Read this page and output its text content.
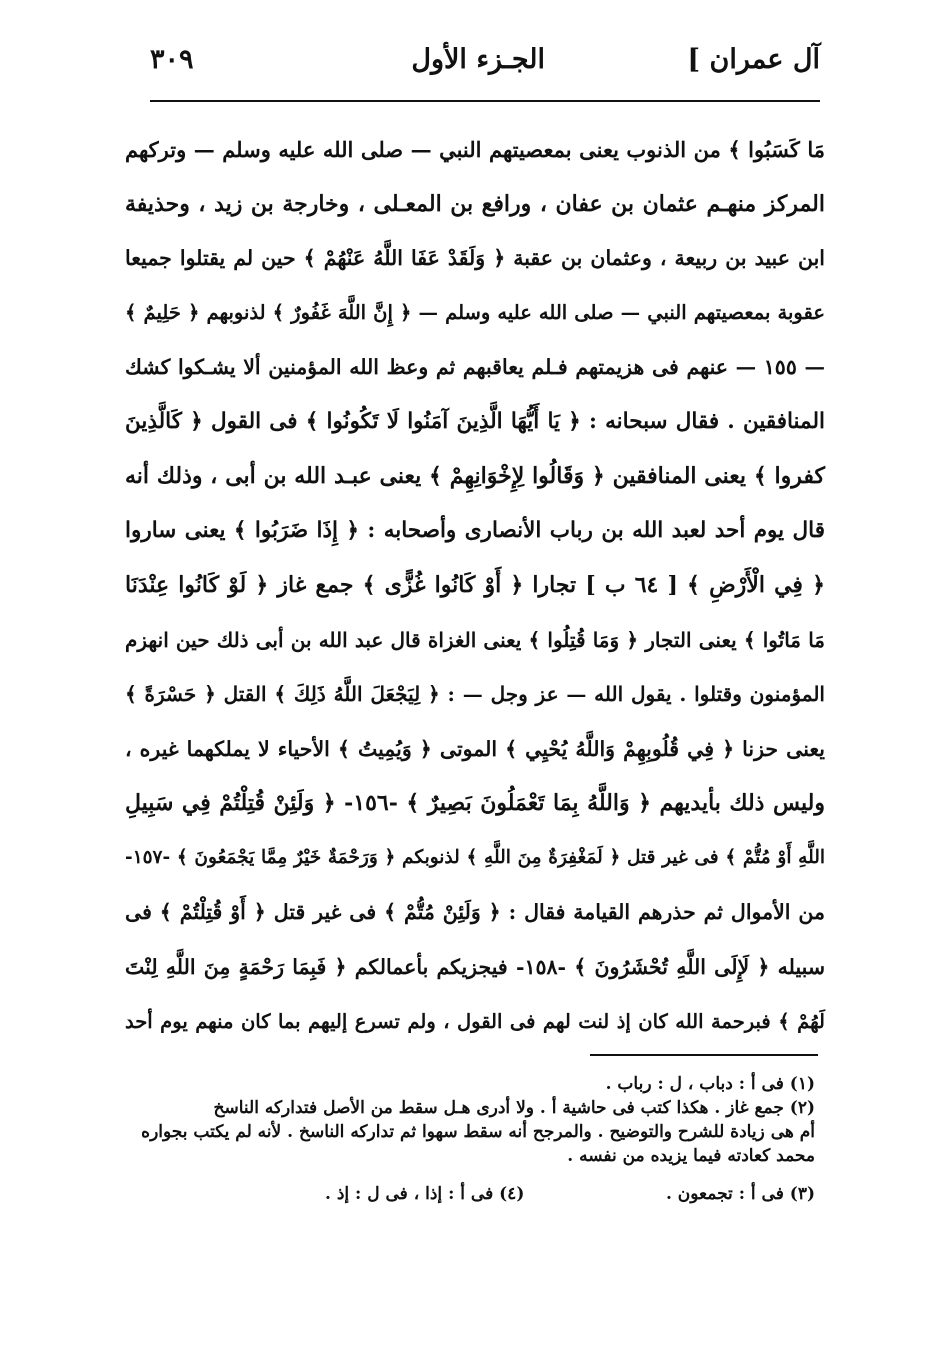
آل عمران ]
الجـزء الأول
٣٠٩
مَا كَسَبُوا ﴾ من الذنوب يعنى بمعصيتهم النبي — صلى الله عليه وسلم — وتركهم
المركز منهـم عثمان بن عفان ، ورافع بن المعـلى ، وخارجة بن زيد ، وحذيفة
ابن عبيد بن ربيعة ، وعثمان بن عقبة ﴿ وَلَقَدْ عَفَا اللَّهُ عَنْهُمْ ﴾ حين لم يقتلوا جميعا
عقوبة بمعصيتهم النبي — صلى الله عليه وسلم — ﴿ إِنَّ اللَّهَ غَفُورٌ ﴾ لذنوبهم ﴿ حَلِيمٌ ﴾
— ١٥٥ — عنهم فى هزيمتهم فـلم يعاقبهم ثم وعظ الله المؤمنين ألا يشـكوا كشك
المنافقين . فقال سبحانه : ﴿ يَا أَيُّهَا الَّذِينَ آمَنُوا لَا تَكُونُوا ﴾ فى القول ﴿ كَالَّذِينَ
كفروا ﴾ يعنى المنافقين ﴿ وَقَالُوا لِإِخْوَانِهِمْ ﴾ يعنى عبـد الله بن أبى ، وذلك أنه
قال يوم أحد لعبد الله بن رباب الأنصارى وأصحابه : ﴿ إِذَا ضَرَبُوا ﴾ يعنى ساروا
﴿ فِي الْأَرْضِ ﴾ [ ٦٤ ب ] تجارا ﴿ أَوْ كَانُوا غُزًّى ﴾ جمع غاز ﴿ لَوْ كَانُوا عِنْدَنَا
مَا مَاتُوا ﴾ يعنى التجار ﴿ وَمَا قُتِلُوا ﴾ يعنى الغزاة قال عبد الله بن أبى ذلك حين انهزم
المؤمنون وقتلوا . يقول الله — عز وجل — : ﴿ لِيَجْعَلَ اللَّهُ ذَلِكَ ﴾ القتل ﴿ حَسْرَةً ﴾
يعنى حزنا ﴿ فِي قُلُوبِهِمْ وَاللَّهُ يُحْيِي ﴾ الموتى ﴿ وَيُمِيتُ ﴾ الأحياء لا يملكهما غيره ،
وليس ذلك بأيديهم ﴿ وَاللَّهُ بِمَا تَعْمَلُونَ بَصِيرٌ ﴾ -١٥٦- ﴿ وَلَئِنْ قُتِلْتُمْ فِي سَبِيلِ
اللَّهِ أَوْ مُتُّمْ ﴾ فى غير قتل ﴿ لَمَغْفِرَةٌ مِنَ اللَّهِ ﴾ لذنوبكم ﴿ وَرَحْمَةٌ خَيْرٌ مِمَّا يَجْمَعُونَ ﴾ -١٥٧-
من الأموال ثم حذرهم القيامة فقال : ﴿ وَلَئِنْ مُتُّمْ ﴾ فى غير قتل ﴿ أَوْ قُتِلْتُمْ ﴾ فى
سبيله ﴿ لَإِلَى اللَّهِ تُحْشَرُونَ ﴾ -١٥٨- فيجزيكم بأعمالكم ﴿ فَبِمَا رَحْمَةٍ مِنَ اللَّهِ لِنْتَ
لَهُمْ ﴾ فبرحمة الله كان إذ لنت لهم فى القول ، ولم تسرع إليهم بما كان منهم يوم أحد
(١) فى أ : دباب ، ل : رباب .
(٢) جمع غاز . هكذا كتب فى حاشية أ . ولا أدرى هـل سقط من الأصل فتداركه الناسخ
أم هى زيادة للشرح والتوضيح . والمرجح أنه سقط سهوا ثم تداركه الناسخ . لأنه لم يكتب بجواره
محمد كعادته فيما يزيده من نفسه .
(٣) فى أ : تجمعون .
(٤) فى أ : إذا ، فى ل : إذ .
